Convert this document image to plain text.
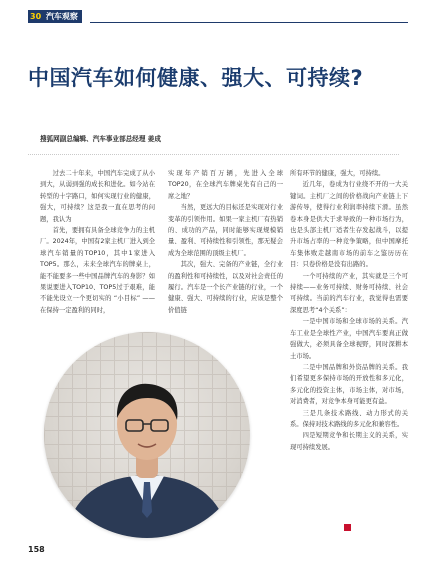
30 汽车观察
中国汽车如何健康、强大、可持续?
搜狐网副总编辑、汽车事业部总经理 姜成

过去二十年来，中国汽车完成了从小到大，从弱到强的成长和进化。如今站在转型的十字路口，如何实现行业的健康，强大，可持续？这是我一直在思考的问题，我认为

首先，要拥有具备全球竞争力的主机厂。2024年，中国有2家主机厂进入到全球汽车销量的TOP10，其中1家进入TOP5。那么，未来全球汽车的牌桌上，能不能要多一些中国品牌汽车的身影？如果说要进入TOP10、TOP5过于艰难，能不能先设立一个更切实的 “小目标” ——在保持一定盈利的同时，

实现年产销百万辆，先进入全球TOP20，在全球汽车牌桌先有自己的一席之地？

当然，更远大的目标还是实现对行业变革的引领作用。如果一家主机厂有热销的、成功的产品，同时能够实现规模销量、盈利、可持续性和引领性，那无疑会成为全球范围的顶级主机厂。

其次，强大、完备的产业链，全行业的盈利性和可持续性，以及对社会责任的履行。汽车是一个长产业链的行业，一个健康、强大、可持续的行业，应该是整个价值链

所有环节的健康，强大，可持续。

近几年，卷成为行业绕不开的一大关键词。主机厂之间的价格战向产业链上下游传导，使得行业利润率持续下滑。虽然卷本身是供大于求导致的一种市场行为，也是头部主机厂适者生存发起战斗，以提升市场占率的一种竞争策略，但中国摩托车集体败走越南市场的前车之鉴历历在目：只卷价格是没有出路的。

一个可持续的产业，其实就是三个可持续——业务可持续、财务可持续、社会可持续。当前的汽车行业，我觉得也需要深度思考“4个关系”：

一是中国市场和全球市场的关系。汽车工业是全球性产业，中国汽车要真正做强做大，必须具备全球视野，同时深耕本土市场。

二是中国品牌和外资品牌的关系。我们希望更多保持市场的开放性和多元化，多元化的投资主体，市场主体，对市场，对消费者，对竞争本身可能更有益。

三是几条技术路线、动力形式的关系。保持对技术路线的多元化和兼容性。

四是短期竞争和长期主义的关系，实现可持续发展。

158
